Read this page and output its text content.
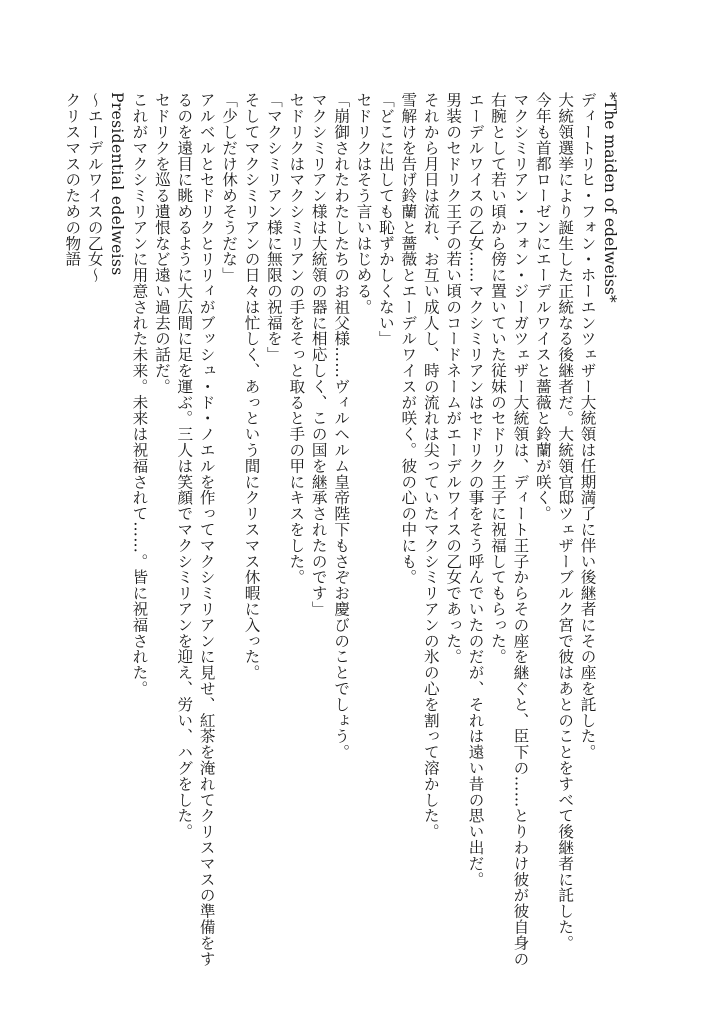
*The maiden of edelweiss*
ディートリヒ・フォン・ホーエンツェザー大統領は任期満了に伴い後継者にその座を託した。
大統領選挙により誕生した正統なる後継者だ。大統領官邸ツェザーブルク宮で彼はあとのことをすべて後継者に託した。
今年も首都ローゼンにエーデルワイスと薔薇と鈴蘭が咲く。
マクシミリアン・フォン・ジーガツェザー大統領は、ディート王子からその座を継ぐと、臣下の……とりわけ彼が彼自身の
右腕として若い頃から傍に置いていた従妹のセドリク王子に祝福してもらった。
エーデルワイスの乙女……マクシミリアンはセドリクの事をそう呼んでいたのだが、それは遠い昔の思い出だ。
男装のセドリク王子の若い頃のコードネームがエーデルワイスの乙女であった。
それから月日は流れ、お互い成人し、時の流れは尖っていたマクシミリアンの氷の心を割って溶かした。
雪解けを告げ鈴蘭と薔薇とエーデルワイスが咲く。彼の心の中にも。
「どこに出しても恥ずかしくない」
セドリクはそう言いはじめる。
「崩御されたわたしたちのお祖父様……ヴィルヘルム皇帝陛下もさぞお慶びのことでしょう。
マクシミリアン様は大統領の器に相応しく、この国を継承されたのです」
セドリクはマクシミリアンの手をそっと取ると手の甲にキスをした。
「マクシミリアン様に無限の祝福を」
そしてマクシミリアンの日々は忙しく、あっという間にクリスマス休暇に入った。
「少しだけ休めそうだな」
アルベルとセドリクとリリィがブッシュ・ド・ノエルを作ってマクシミリアンに見せ、紅茶を淹れてクリスマスの準備をす
るのを遠目に眺めるように大広間に足を運ぶ。三人は笑顔でマクシミリアンを迎え、労い、ハグをした。
セドリクを巡る遺恨など遠い過去の話だ。
これがマクシミリアンに用意された未来。未来は祝福されて……。皆に祝福された。
Presidential edelweiss
～エーデルワイスの乙女～
クリスマスのための物語
